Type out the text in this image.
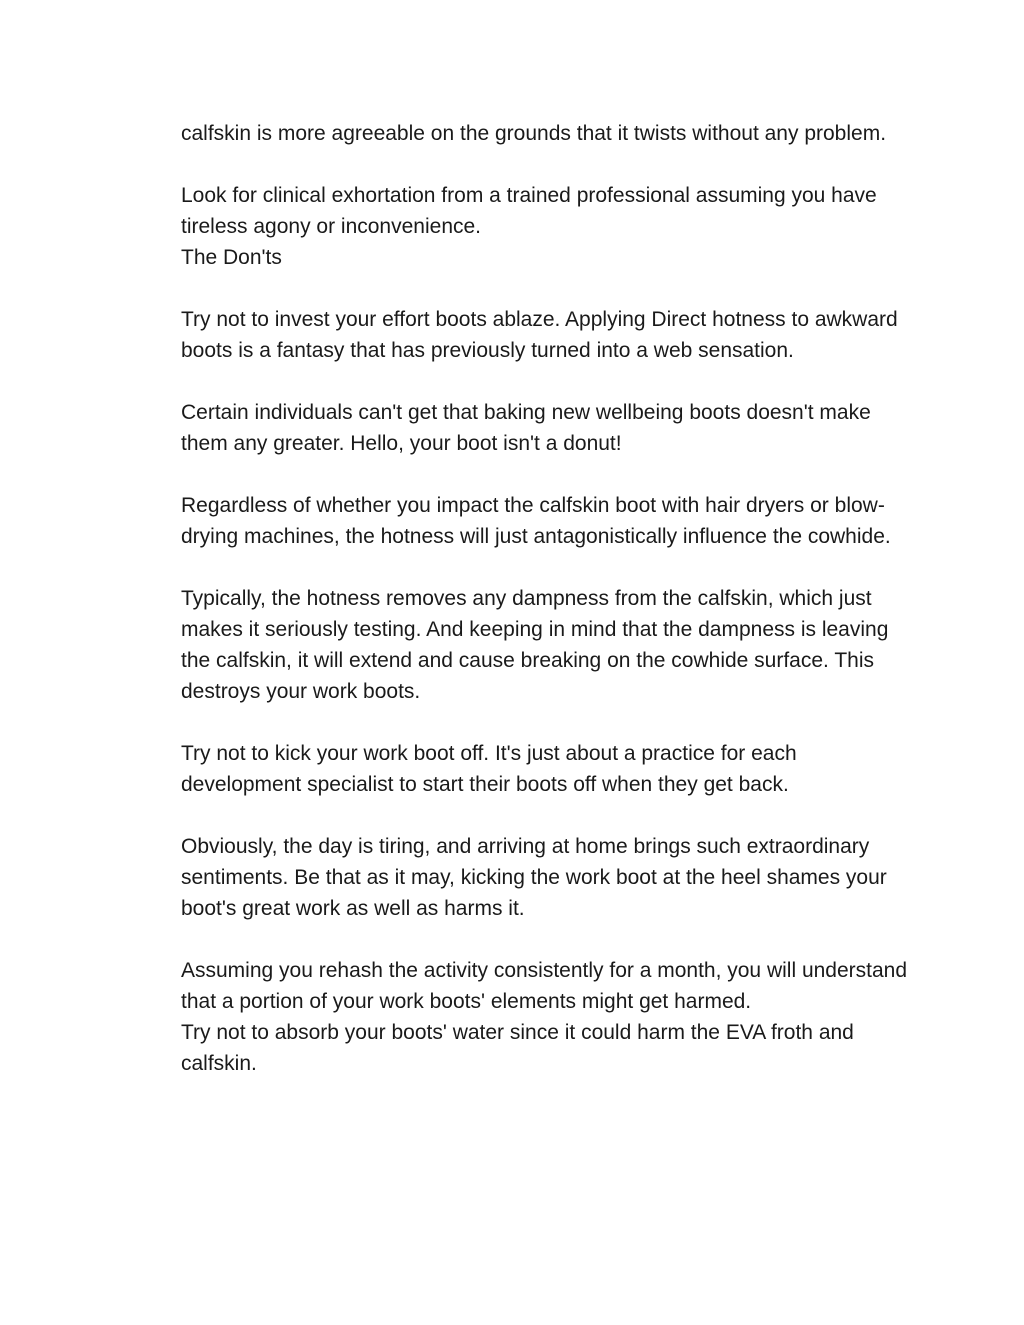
calfskin is more agreeable on the grounds that it twists without any problem.

Look for clinical exhortation from a trained professional assuming you have tireless agony or inconvenience.

The Don'ts

Try not to invest your effort boots ablaze. Applying Direct hotness to awkward boots is a fantasy that has previously turned into a web sensation.

Certain individuals can't get that baking new wellbeing boots doesn't make them any greater. Hello, your boot isn't a donut!

Regardless of whether you impact the calfskin boot with hair dryers or blow-drying machines, the hotness will just antagonistically influence the cowhide.

Typically, the hotness removes any dampness from the calfskin, which just makes it seriously testing. And keeping in mind that the dampness is leaving the calfskin, it will extend and cause breaking on the cowhide surface. This destroys your work boots.

Try not to kick your work boot off. It's just about a practice for each development specialist to start their boots off when they get back.

Obviously, the day is tiring, and arriving at home brings such extraordinary sentiments. Be that as it may, kicking the work boot at the heel shames your boot's great work as well as harms it.

Assuming you rehash the activity consistently for a month, you will understand that a portion of your work boots' elements might get harmed.

Try not to absorb your boots' water since it could harm the EVA froth and calfskin.
